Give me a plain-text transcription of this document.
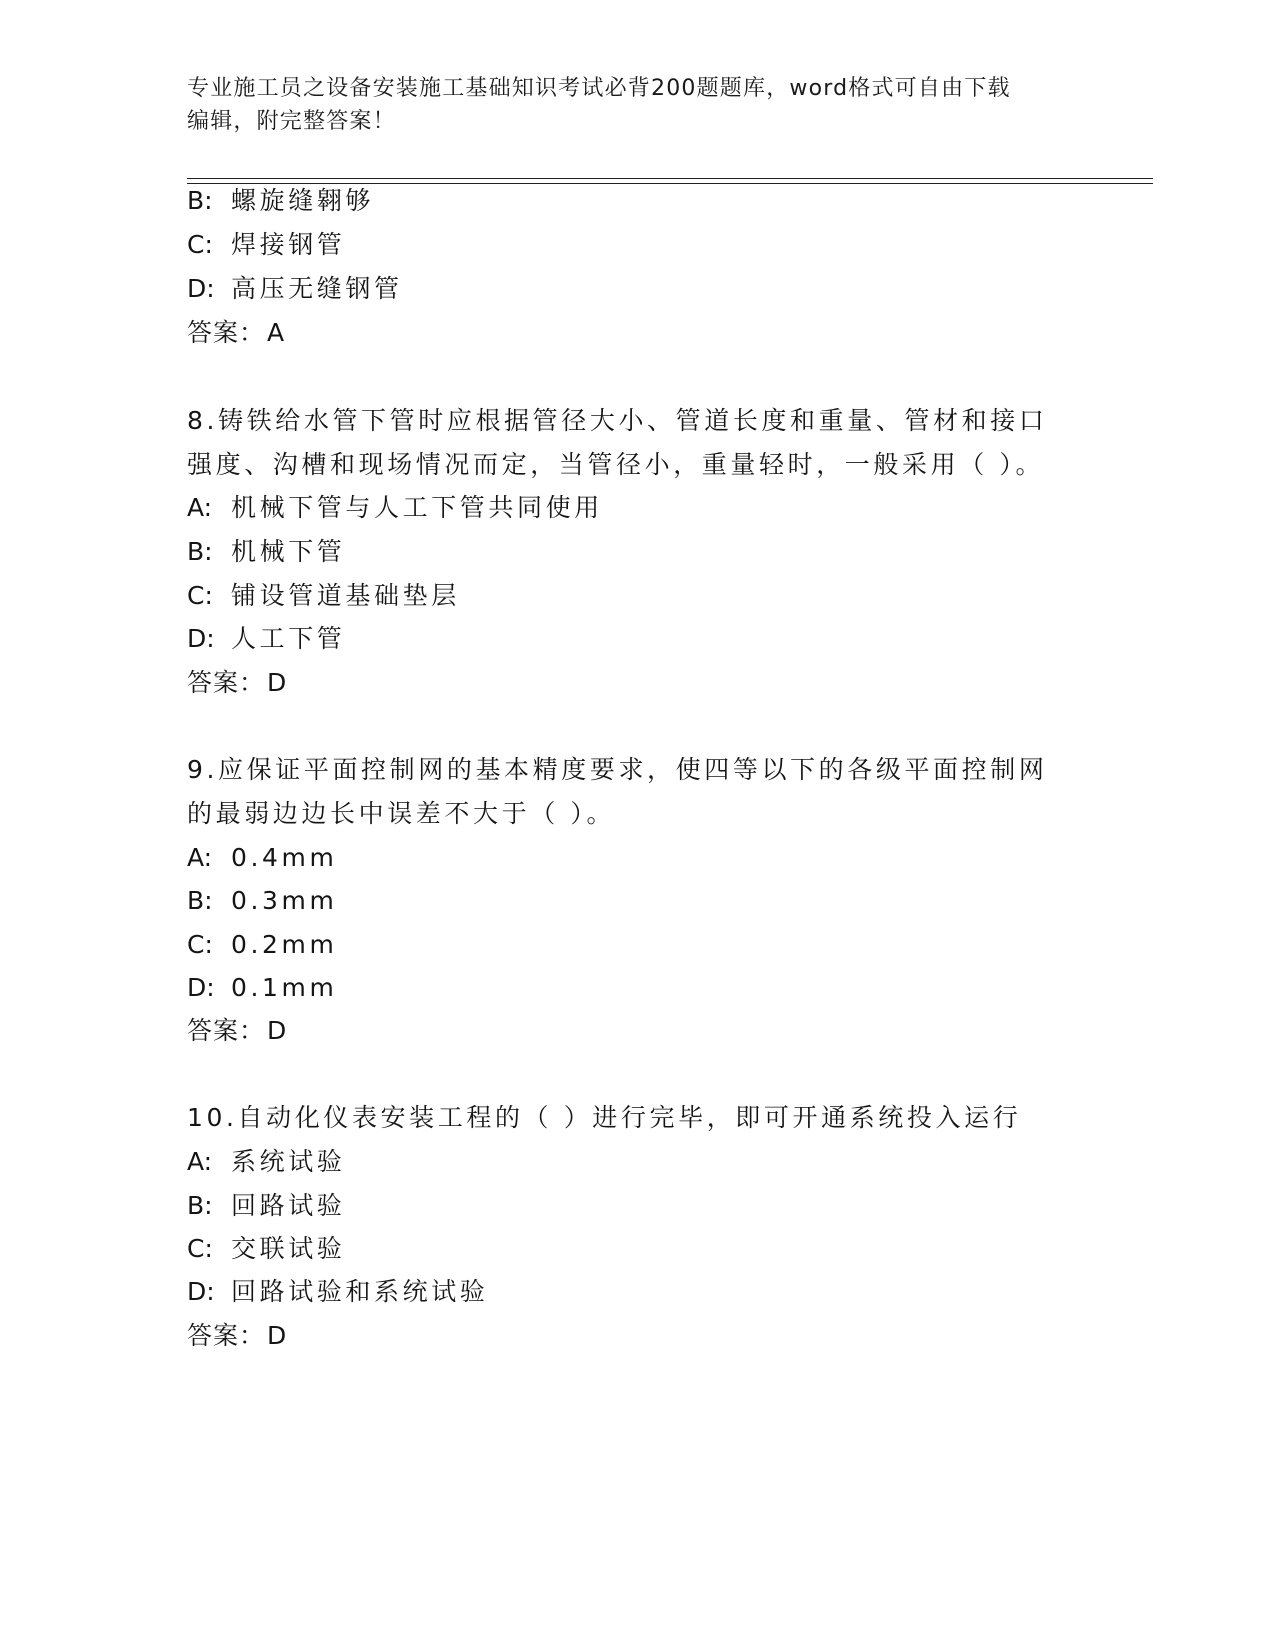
专业施工员之设备安装施工基础知识考试必背200题题库，word格式可自由下载
编辑，附完整答案！
B: 螺旋缝翱够
C: 焊接钢管
D: 高压无缝钢管
答案：A
8.铸铁给水管下管时应根据管径大小、管道长度和重量、管材和接口
强度、沟槽和现场情况而定，当管径小，重量轻时，一般采用（ ）。
A: 机械下管与人工下管共同使用
B: 机械下管
C: 铺设管道基础垫层
D: 人工下管
答案：D
9.应保证平面控制网的基本精度要求，使四等以下的各级平面控制网
的最弱边边长中误差不大于（ ）。
A: 0.4mm
B: 0.3mm
C: 0.2mm
D: 0.1mm
答案：D
10.自动化仪表安装工程的（ ）进行完毕，即可开通系统投入运行
A: 系统试验
B: 回路试验
C: 交联试验
D: 回路试验和系统试验
答案：D
